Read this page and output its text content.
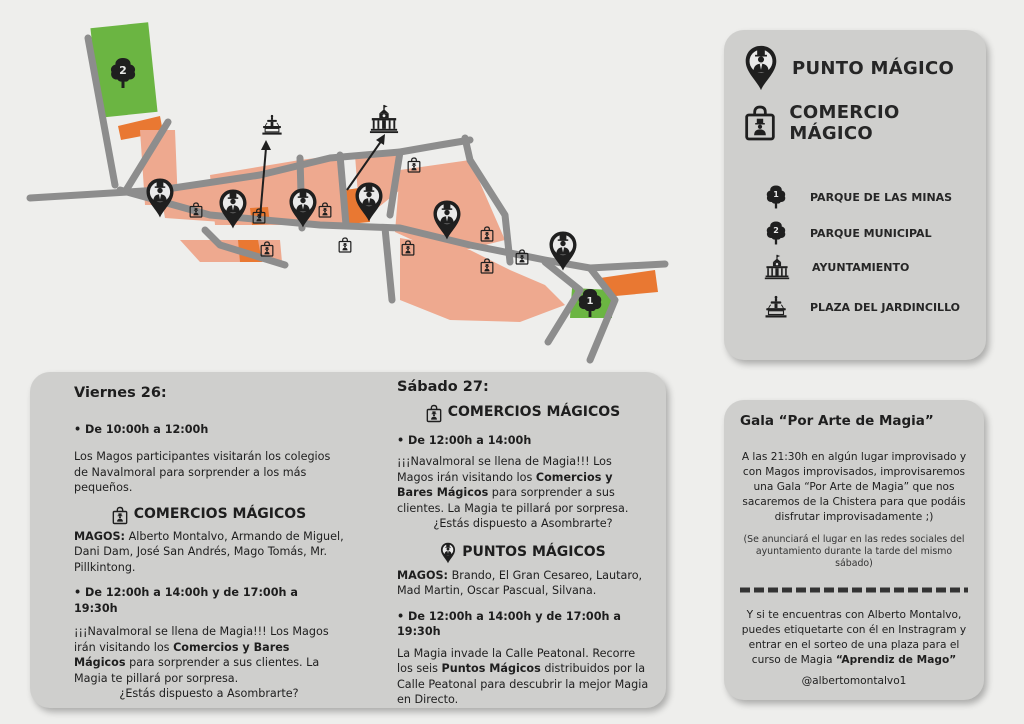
2
1
PUNTO MÁGICO
COMERCIO MÁGICO
1	PARQUE DE LAS MINAS
2	PARQUE MUNICIPAL
AYUNTAMIENTO
PLAZA DEL JARDINCILLO

Viernes 26:

• De 10:00h a 12:00h

Los Magos participantes visitarán los colegios de Navalmoral para sorprender a los más pequeños.

COMERCIOS MÁGICOS

MAGOS: Alberto Montalvo, Armando de Miguel, Dani Dam, José San Andrés, Mago Tomás, Mr. Pillkintong.

• De 12:00h a 14:00h y de 17:00h a 19:30h

¡¡¡Navalmoral se llena de Magia!!! Los Magos irán visitando los Comercios y Bares Mágicos para sorprender a sus clientes. La Magia te pillará por sorpresa.

¿Estás dispuesto a Asombrarte?

Sábado 27:

COMERCIOS MÁGICOS

• De 12:00h a 14:00h

¡¡¡Navalmoral se llena de Magia!!! Los Magos irán visitando los Comercios y Bares Mágicos para sorprender a sus clientes. La Magia te pillará por sorpresa.

¿Estás dispuesto a Asombrarte?

PUNTOS MÁGICOS

MAGOS: Brando, El Gran Cesareo, Lautaro, Mad Martin, Oscar Pascual, Silvana.

• De 12:00h a 14:00h y de 17:00h a 19:30h

La Magia invade la Calle Peatonal. Recorre los seis Puntos Mágicos distribuidos por la Calle Peatonal para descubrir la mejor Magia en Directo.

Gala “Por Arte de Magia”

A las 21:30h en algún lugar improvisado y con Magos improvisados, improvisaremos una Gala “Por Arte de Magia” que nos sacaremos de la Chistera para que podáis disfrutar improvisadamente ;)

(Se anunciará el lugar en las redes sociales del ayuntamiento durante la tarde del mismo sábado)

Y si te encuentras con Alberto Montalvo, puedes etiquetarte con él en Instragram y entrar en el sorteo de una plaza para el curso de Magia “Aprendiz de Mago”

@albertomontalvo1
